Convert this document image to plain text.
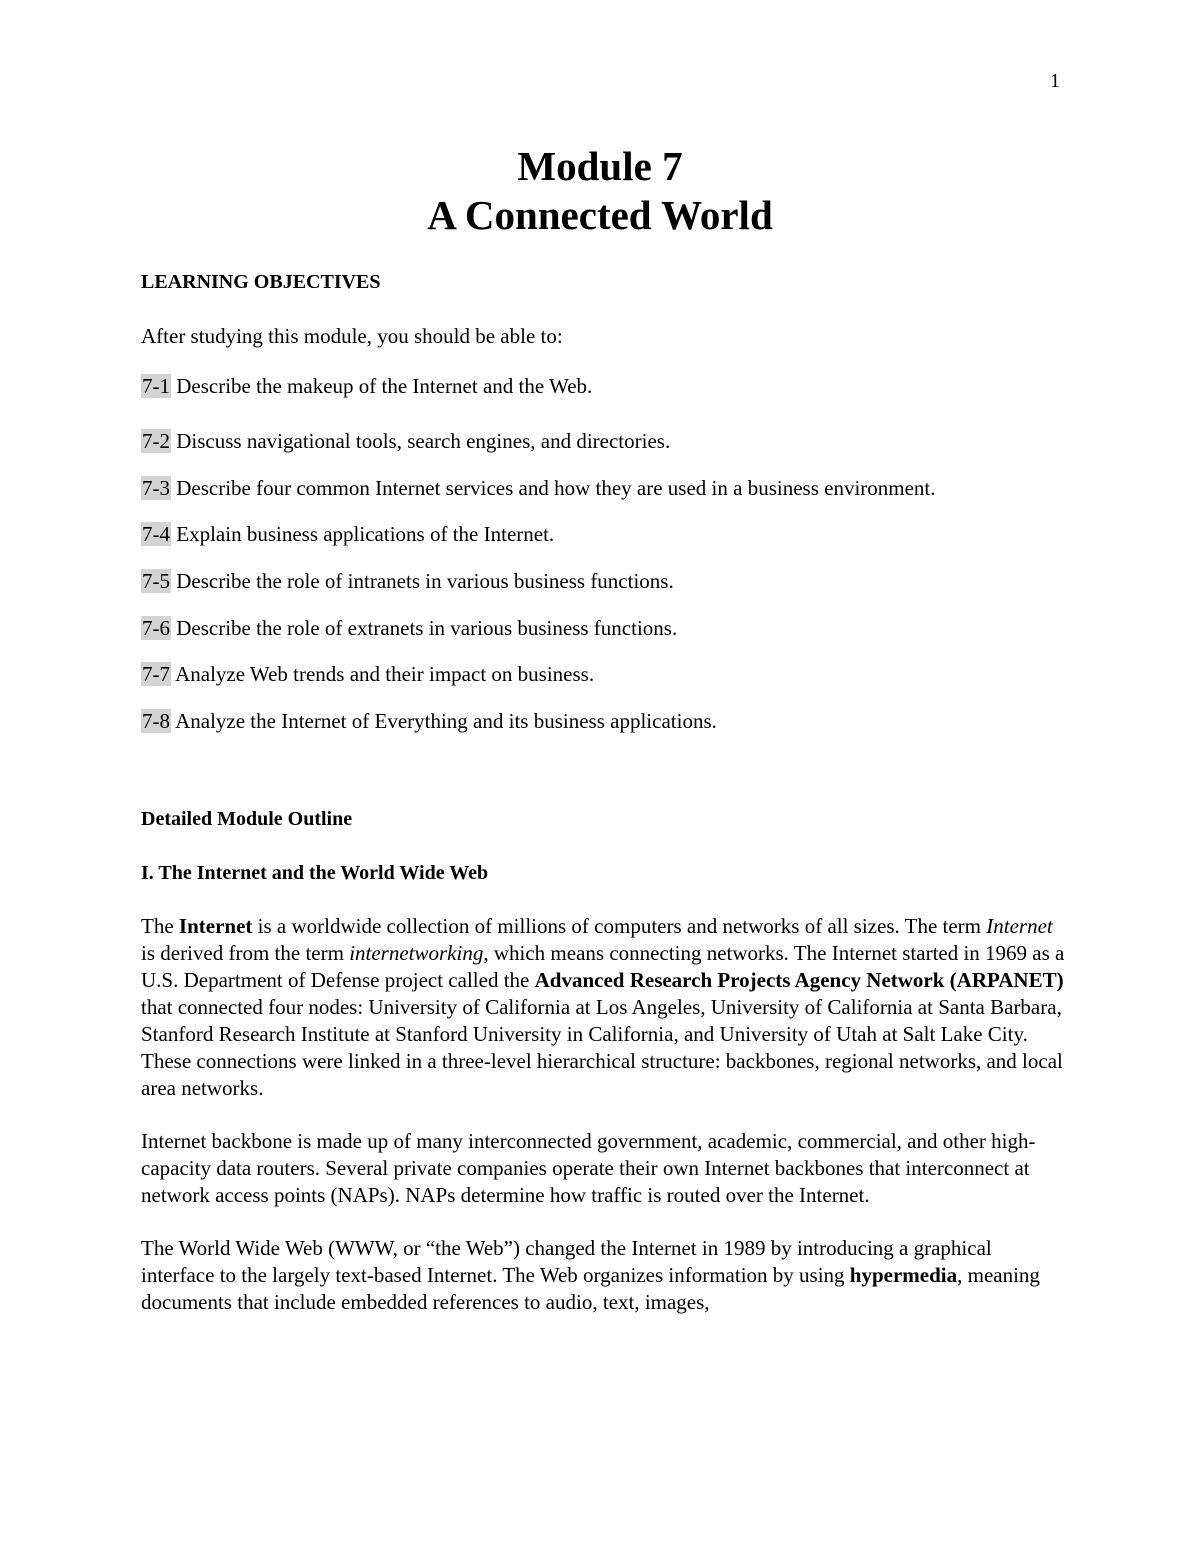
1
Module 7
A Connected World

LEARNING OBJECTIVES

After studying this module, you should be able to:

7-1 Describe the makeup of the Internet and the Web.
7-2 Discuss navigational tools, search engines, and directories.
7-3 Describe four common Internet services and how they are used in a business environment.
7-4 Explain business applications of the Internet.
7-5 Describe the role of intranets in various business functions.
7-6 Describe the role of extranets in various business functions.
7-7 Analyze Web trends and their impact on business.
7-8 Analyze the Internet of Everything and its business applications.

Detailed Module Outline

I. The Internet and the World Wide Web

The Internet is a worldwide collection of millions of computers and networks of all sizes. The term Internet is derived from the term internetworking, which means connecting networks. The Internet started in 1969 as a U.S. Department of Defense project called the Advanced Research Projects Agency Network (ARPANET) that connected four nodes: University of California at Los Angeles, University of California at Santa Barbara, Stanford Research Institute at Stanford University in California, and University of Utah at Salt Lake City. These connections were linked in a three-level hierarchical structure: backbones, regional networks, and local area networks.

Internet backbone is made up of many interconnected government, academic, commercial, and other high-capacity data routers. Several private companies operate their own Internet backbones that interconnect at network access points (NAPs). NAPs determine how traffic is routed over the Internet.

The World Wide Web (WWW, or “the Web”) changed the Internet in 1989 by introducing a graphical interface to the largely text-based Internet. The Web organizes information by using hypermedia, meaning documents that include embedded references to audio, text, images,
